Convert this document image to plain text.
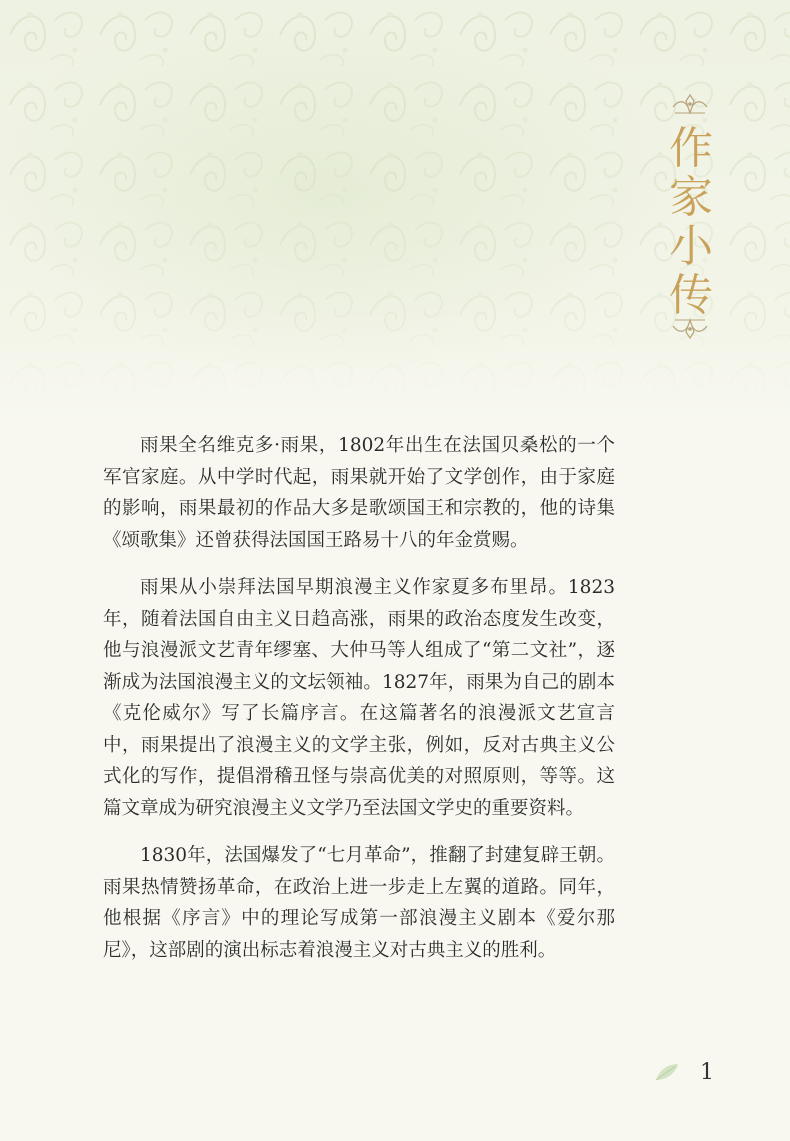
作
家
小
传

雨果全名维克多·雨果，1802年出生在法国贝桑松的一个军官家庭。从中学时代起，雨果就开始了文学创作，由于家庭的影响，雨果最初的作品大多是歌颂国王和宗教的，他的诗集《颂歌集》还曾获得法国国王路易十八的年金赏赐。

雨果从小崇拜法国早期浪漫主义作家夏多布里昂。1823年，随着法国自由主义日趋高涨，雨果的政治态度发生改变，他与浪漫派文艺青年缪塞、大仲马等人组成了“第二文社”，逐渐成为法国浪漫主义的文坛领袖。1827年，雨果为自己的剧本《克伦威尔》写了长篇序言。在这篇著名的浪漫派文艺宣言中，雨果提出了浪漫主义的文学主张，例如，反对古典主义公式化的写作，提倡滑稽丑怪与崇高优美的对照原则，等等。这篇文章成为研究浪漫主义文学乃至法国文学史的重要资料。

1830年，法国爆发了“七月革命”，推翻了封建复辟王朝。雨果热情赞扬革命，在政治上进一步走上左翼的道路。同年，他根据《序言》中的理论写成第一部浪漫主义剧本《爱尔那尼》，这部剧的演出标志着浪漫主义对古典主义的胜利。

1
